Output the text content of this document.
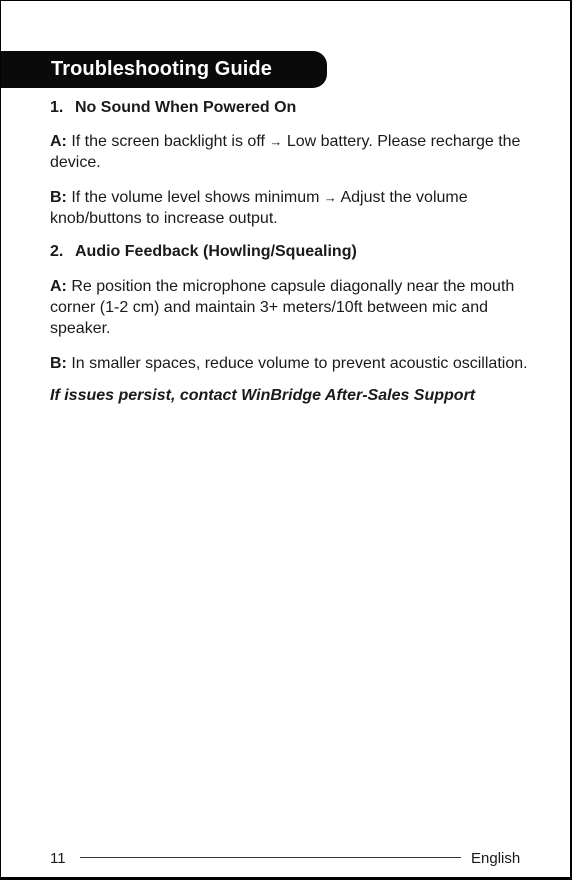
Troubleshooting Guide

1. No Sound When Powered On

A: If the screen backlight is off → Low battery. Please recharge the device.

B: If the volume level shows minimum → Adjust the volume knob/buttons to increase output.

2. Audio Feedback (Howling/Squealing)

A: Re position the microphone capsule diagonally near the mouth corner (1-2 cm) and maintain 3+ meters/10ft between mic and speaker.

B: In smaller spaces, reduce volume to prevent acoustic oscillation.

If issues persist, contact WinBridge After-Sales Support

11	English
